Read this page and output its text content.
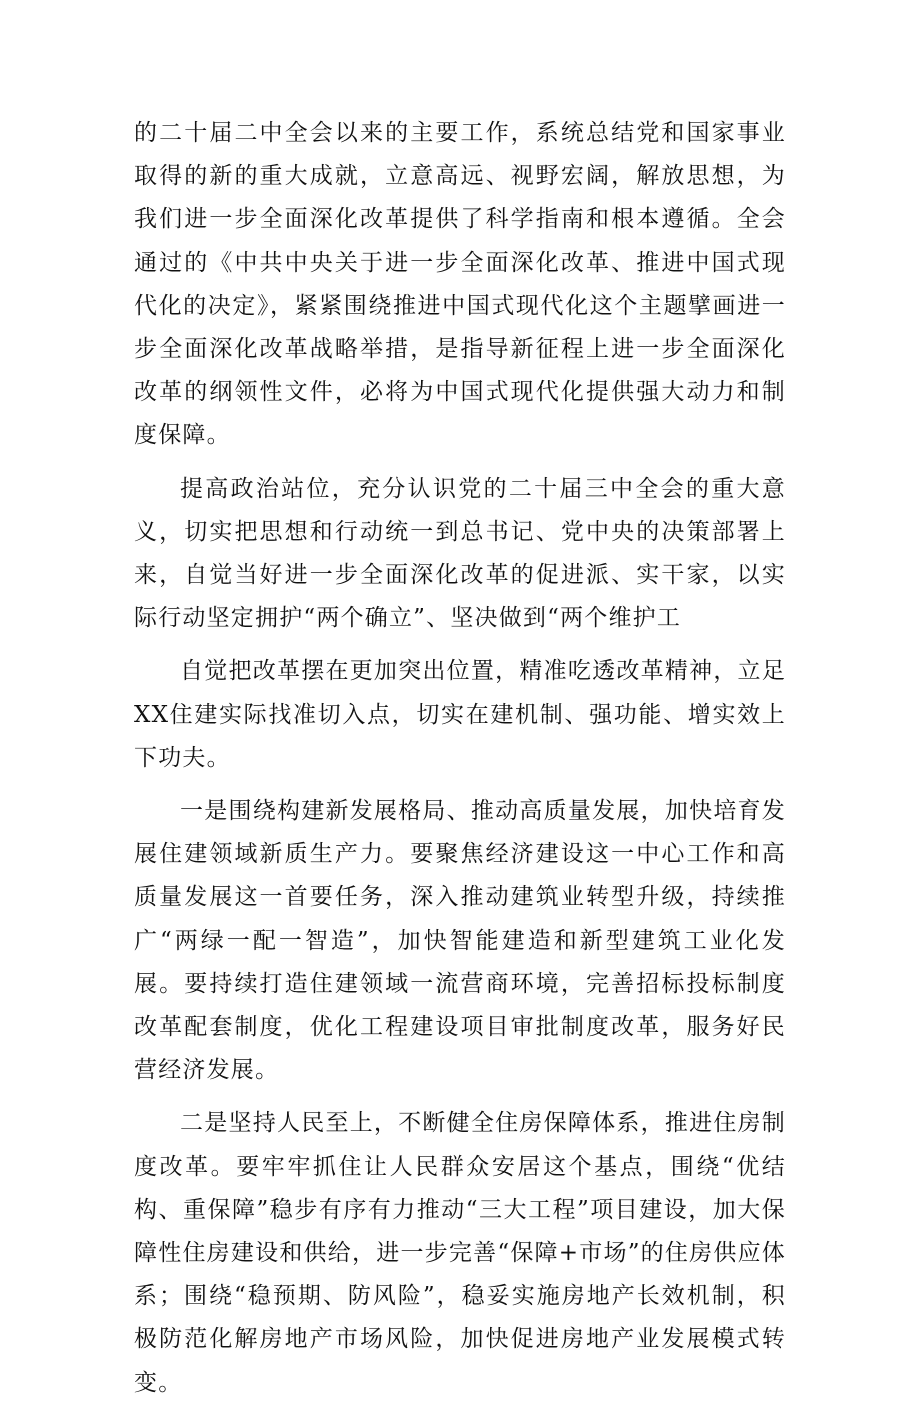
的二十届二中全会以来的主要工作，系统总结党和国家事业取得的新的重大成就，立意高远、视野宏阔，解放思想，为我们进一步全面深化改革提供了科学指南和根本遵循。全会通过的《中共中央关于进一步全面深化改革、推进中国式现代化的决定》，紧紧围绕推进中国式现代化这个主题擘画进一步全面深化改革战略举措，是指导新征程上进一步全面深化改革的纲领性文件，必将为中国式现代化提供强大动力和制度保障。

提高政治站位，充分认识党的二十届三中全会的重大意义，切实把思想和行动统一到总书记、党中央的决策部署上来，自觉当好进一步全面深化改革的促进派、实干家，以实际行动坚定拥护“两个确立”、坚决做到“两个维护工

自觉把改革摆在更加突出位置，精准吃透改革精神，立足XX住建实际找准切入点，切实在建机制、强功能、增实效上下功夫。

一是围绕构建新发展格局、推动高质量发展，加快培育发展住建领域新质生产力。要聚焦经济建设这一中心工作和高质量发展这一首要任务，深入推动建筑业转型升级，持续推广“两绿一配一智造”，加快智能建造和新型建筑工业化发展。要持续打造住建领域一流营商环境，完善招标投标制度改革配套制度，优化工程建设项目审批制度改革，服务好民营经济发展。

二是坚持人民至上，不断健全住房保障体系，推进住房制度改革。要牢牢抓住让人民群众安居这个基点，围绕“优结构、重保障”稳步有序有力推动“三大工程”项目建设，加大保障性住房建设和供给，进一步完善“保障+市场”的住房供应体系；围绕“稳预期、防风险”，稳妥实施房地产长效机制，积极防范化解房地产市场风险，加快促进房地产业发展模式转变。
